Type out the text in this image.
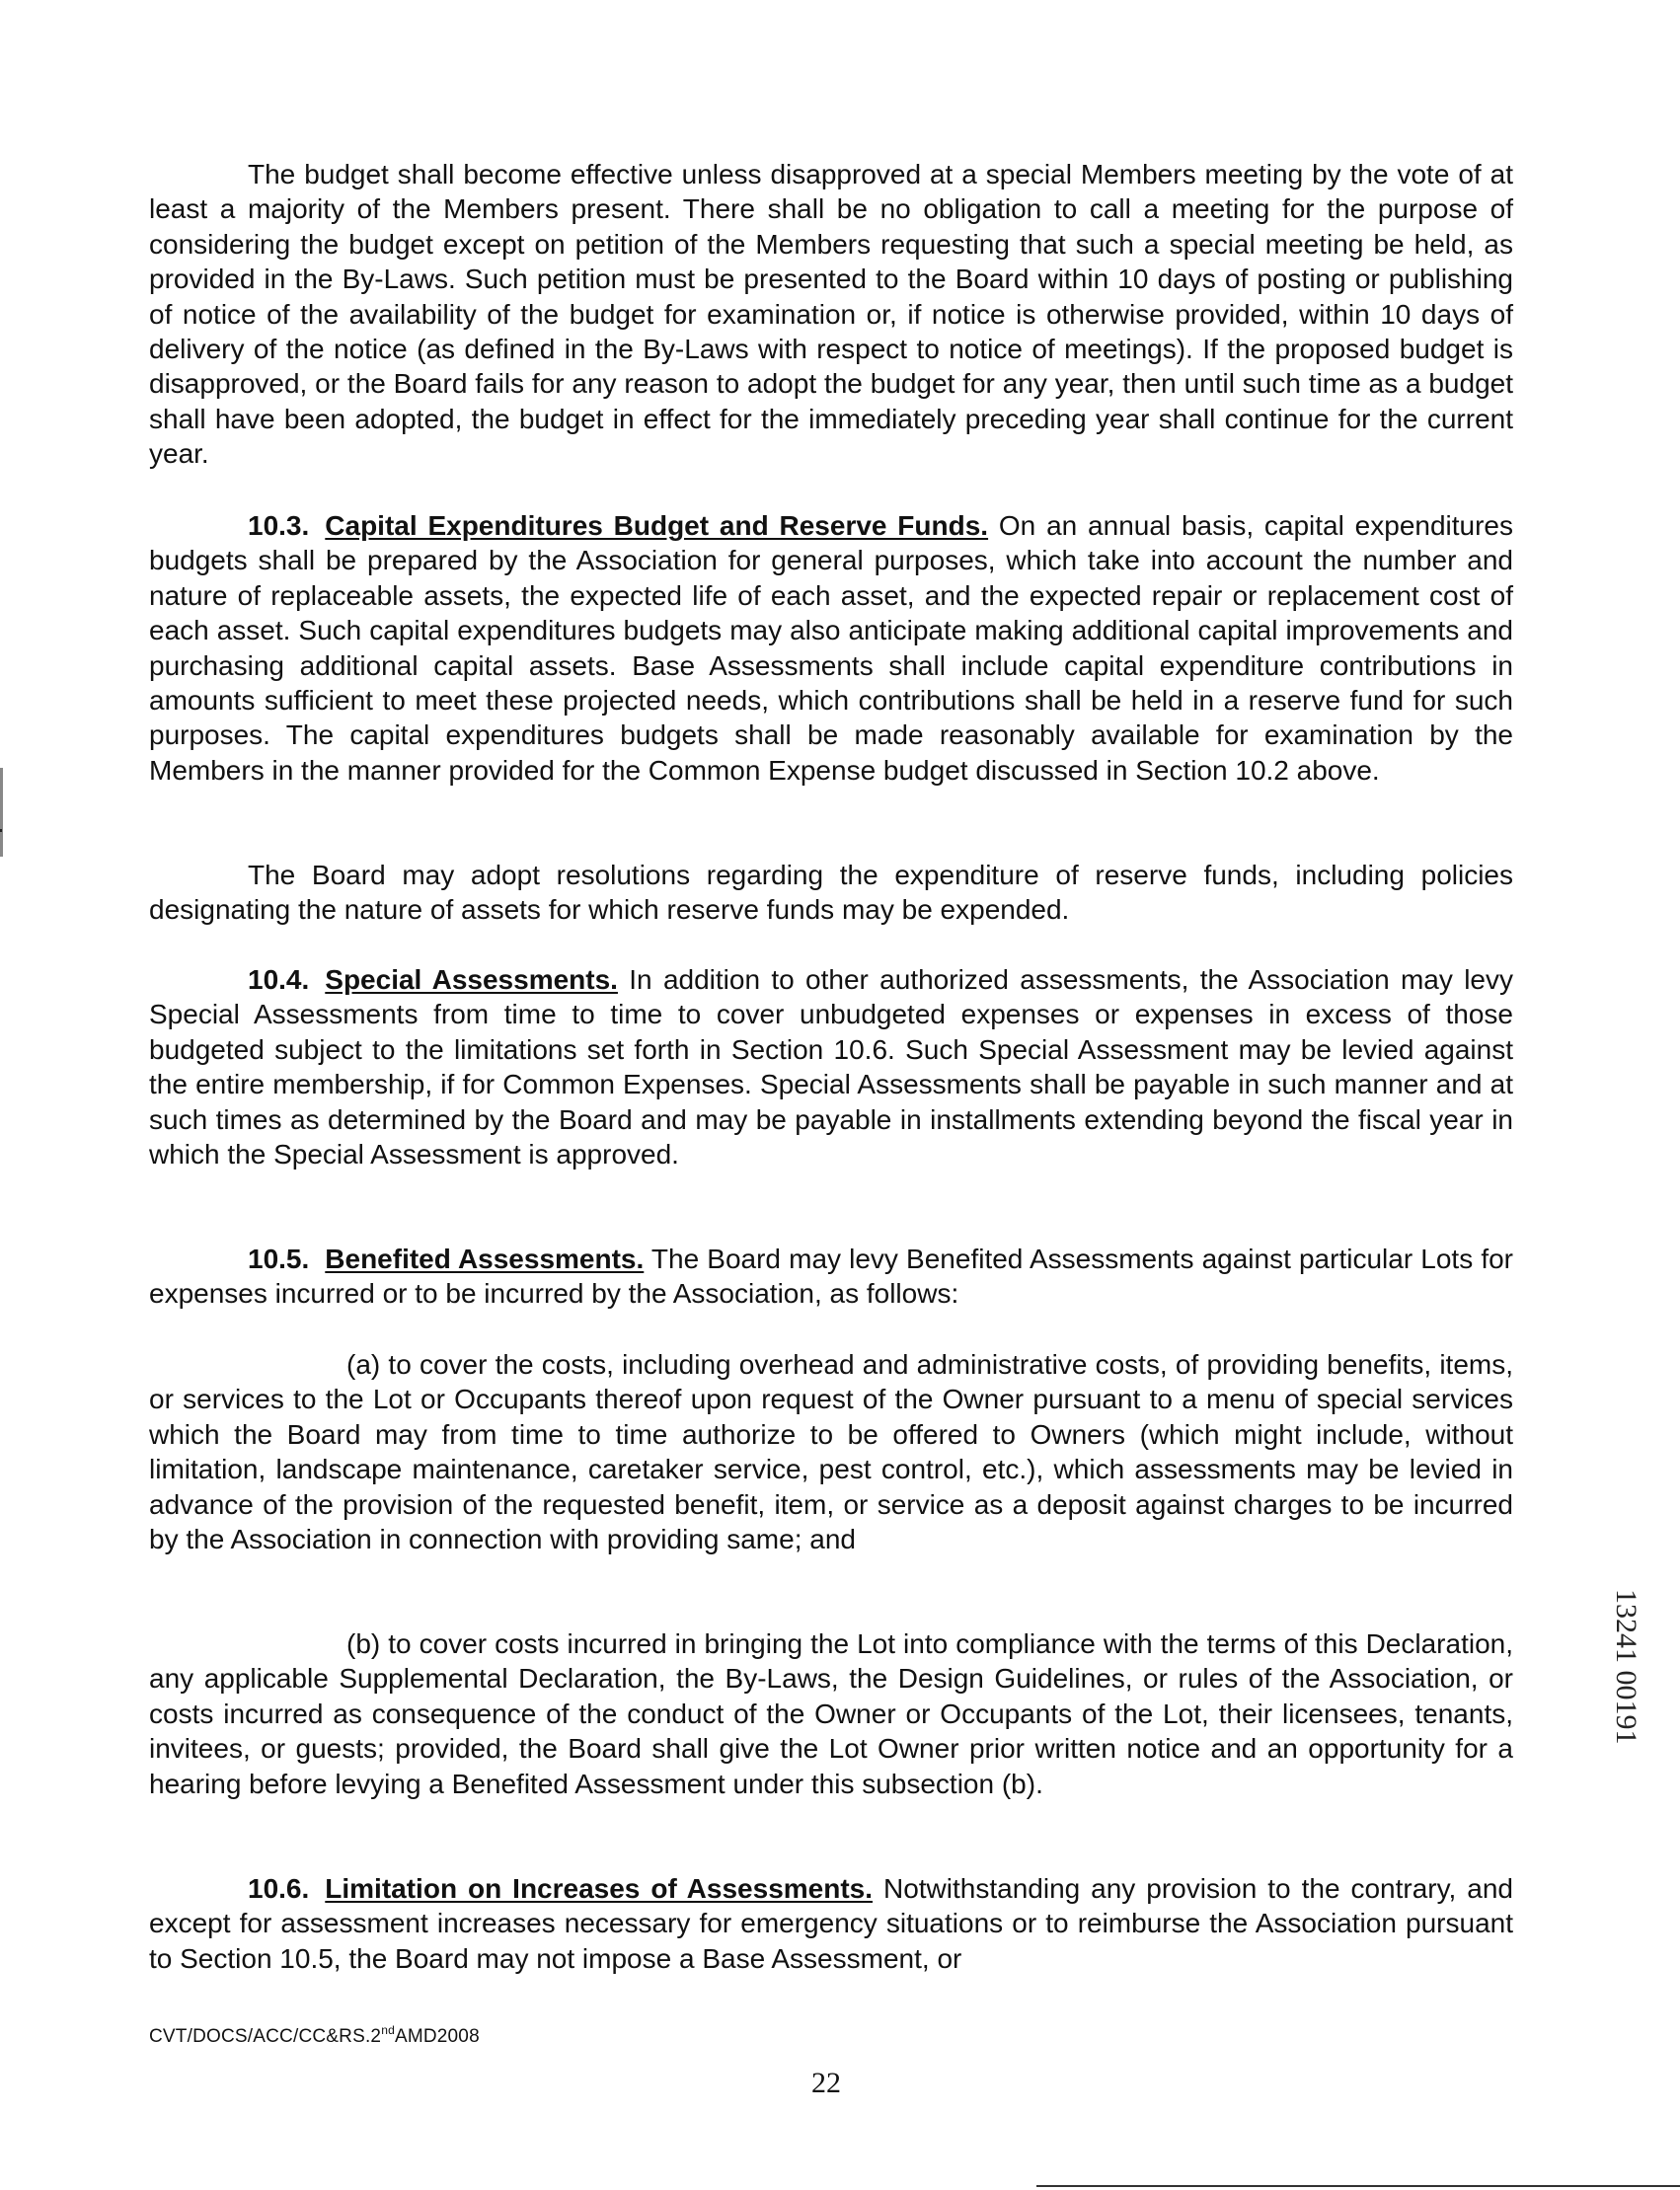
The budget shall become effective unless disapproved at a special Members meeting by the vote of at least a majority of the Members present. There shall be no obligation to call a meeting for the purpose of considering the budget except on petition of the Members requesting that such a special meeting be held, as provided in the By-Laws. Such petition must be presented to the Board within 10 days of posting or publishing of notice of the availability of the budget for examination or, if notice is otherwise provided, within 10 days of delivery of the notice (as defined in the By-Laws with respect to notice of meetings). If the proposed budget is disapproved, or the Board fails for any reason to adopt the budget for any year, then until such time as a budget shall have been adopted, the budget in effect for the immediately preceding year shall continue for the current year.

10.3. Capital Expenditures Budget and Reserve Funds. On an annual basis, capital expenditures budgets shall be prepared by the Association for general purposes, which take into account the number and nature of replaceable assets, the expected life of each asset, and the expected repair or replacement cost of each asset. Such capital expenditures budgets may also anticipate making additional capital improvements and purchasing additional capital assets. Base Assessments shall include capital expenditure contributions in amounts sufficient to meet these projected needs, which contributions shall be held in a reserve fund for such purposes. The capital expenditures budgets shall be made reasonably available for examination by the Members in the manner provided for the Common Expense budget discussed in Section 10.2 above.

The Board may adopt resolutions regarding the expenditure of reserve funds, including policies designating the nature of assets for which reserve funds may be expended.

10.4. Special Assessments. In addition to other authorized assessments, the Association may levy Special Assessments from time to time to cover unbudgeted expenses or expenses in excess of those budgeted subject to the limitations set forth in Section 10.6. Such Special Assessment may be levied against the entire membership, if for Common Expenses. Special Assessments shall be payable in such manner and at such times as determined by the Board and may be payable in installments extending beyond the fiscal year in which the Special Assessment is approved.

10.5. Benefited Assessments. The Board may levy Benefited Assessments against particular Lots for expenses incurred or to be incurred by the Association, as follows:

(a) to cover the costs, including overhead and administrative costs, of providing benefits, items, or services to the Lot or Occupants thereof upon request of the Owner pursuant to a menu of special services which the Board may from time to time authorize to be offered to Owners (which might include, without limitation, landscape maintenance, caretaker service, pest control, etc.), which assessments may be levied in advance of the provision of the requested benefit, item, or service as a deposit against charges to be incurred by the Association in connection with providing same; and

(b) to cover costs incurred in bringing the Lot into compliance with the terms of this Declaration, any applicable Supplemental Declaration, the By-Laws, the Design Guidelines, or rules of the Association, or costs incurred as consequence of the conduct of the Owner or Occupants of the Lot, their licensees, tenants, invitees, or guests; provided, the Board shall give the Lot Owner prior written notice and an opportunity for a hearing before levying a Benefited Assessment under this subsection (b).

10.6. Limitation on Increases of Assessments. Notwithstanding any provision to the contrary, and except for assessment increases necessary for emergency situations or to reimburse the Association pursuant to Section 10.5, the Board may not impose a Base Assessment, or

CVT/DOCS/ACC/CC&RS.2ndAMD2008
22
13241 00191
